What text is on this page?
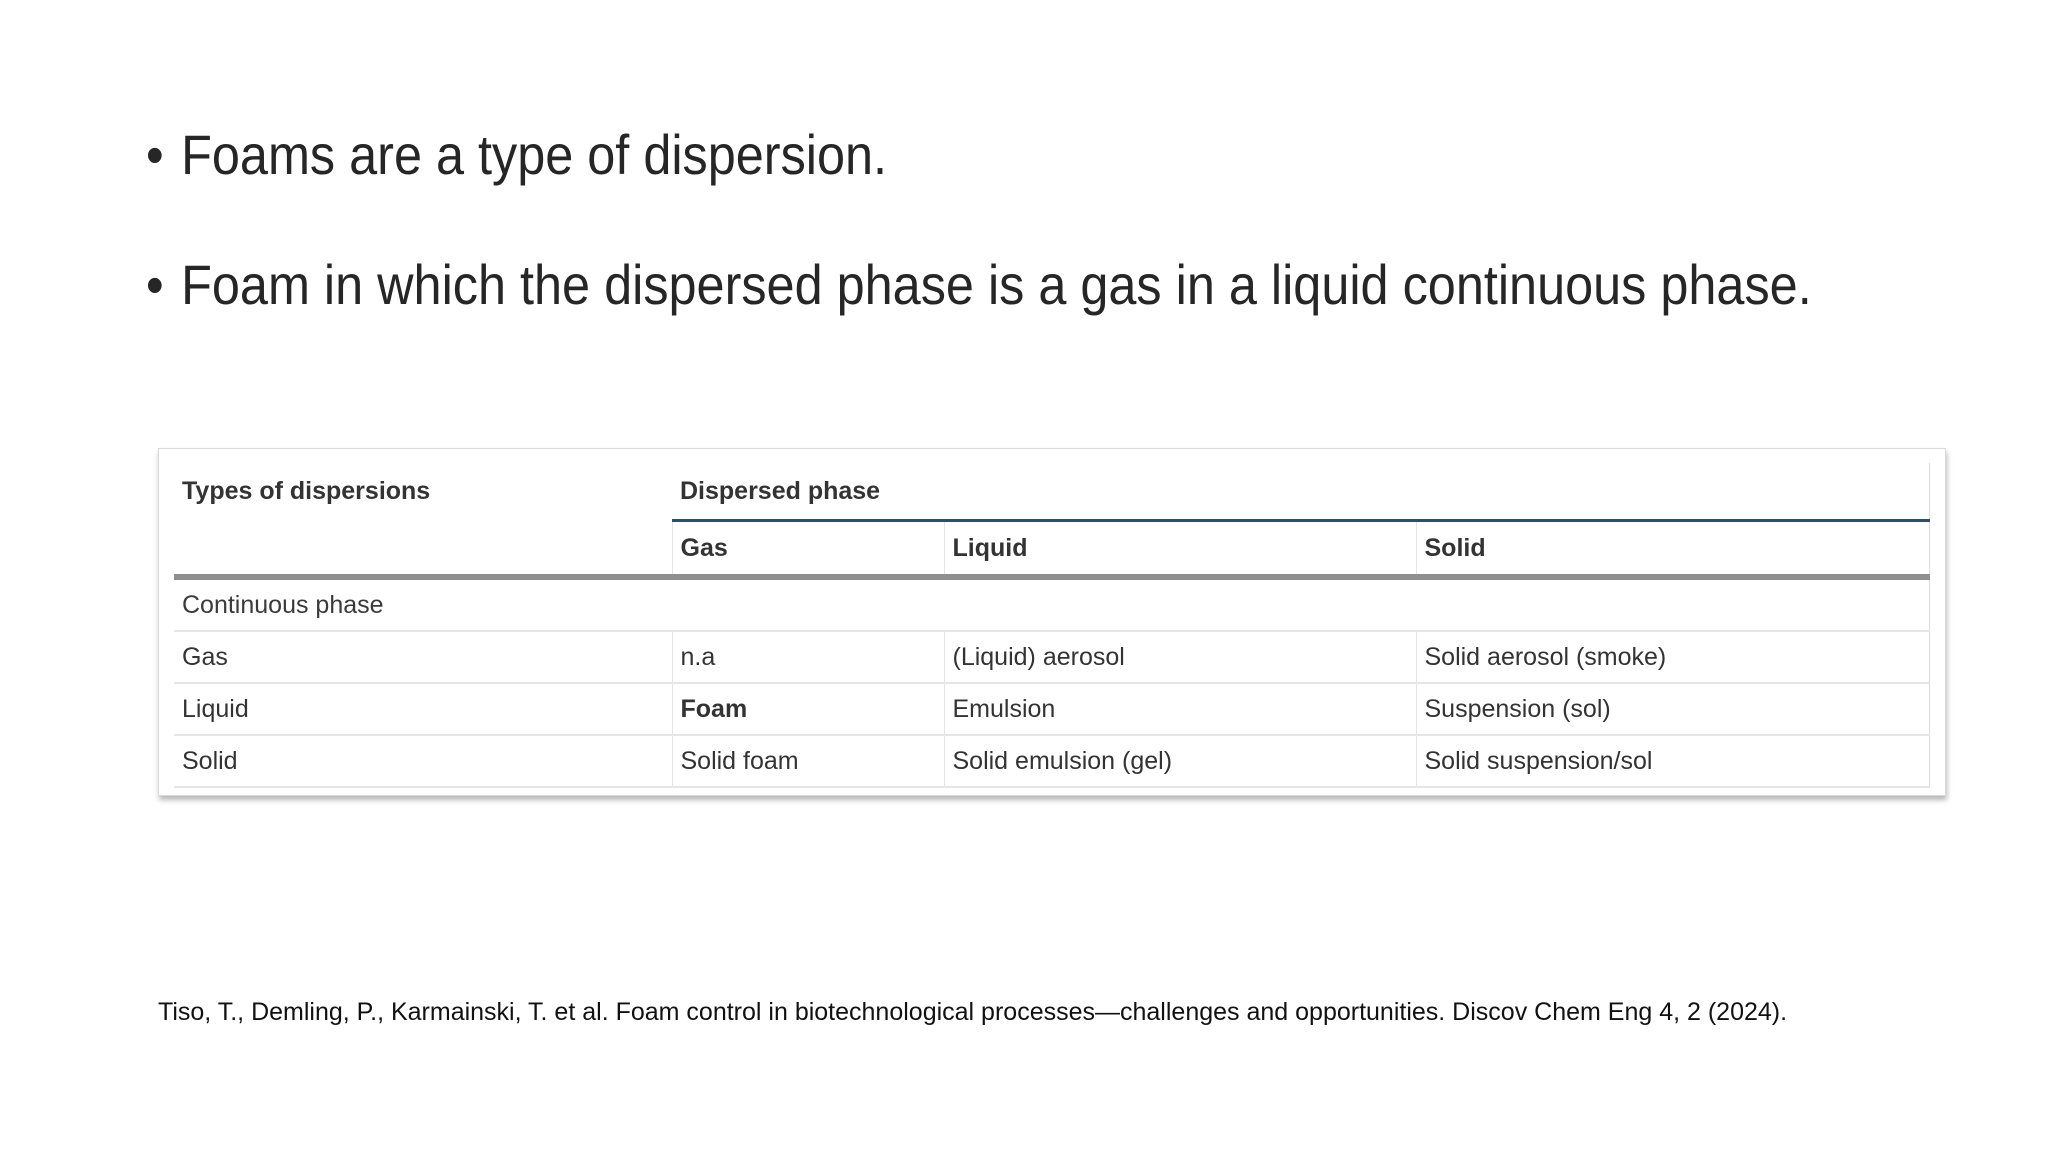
• Foams are a type of dispersion.
• Foam in which the dispersed phase is a gas in a liquid continuous phase.
Types of dispersions	Dispersed phase		
	Gas	Liquid	Solid
Continuous phase			
Gas	n.a	(Liquid) aerosol	Solid aerosol (smoke)
Liquid	Foam	Emulsion	Suspension (sol)
Solid	Solid foam	Solid emulsion (gel)	Solid suspension/sol
Tiso, T., Demling, P., Karmainski, T. et al. Foam control in biotechnological processes—challenges and opportunities. Discov Chem Eng 4, 2 (2024).
